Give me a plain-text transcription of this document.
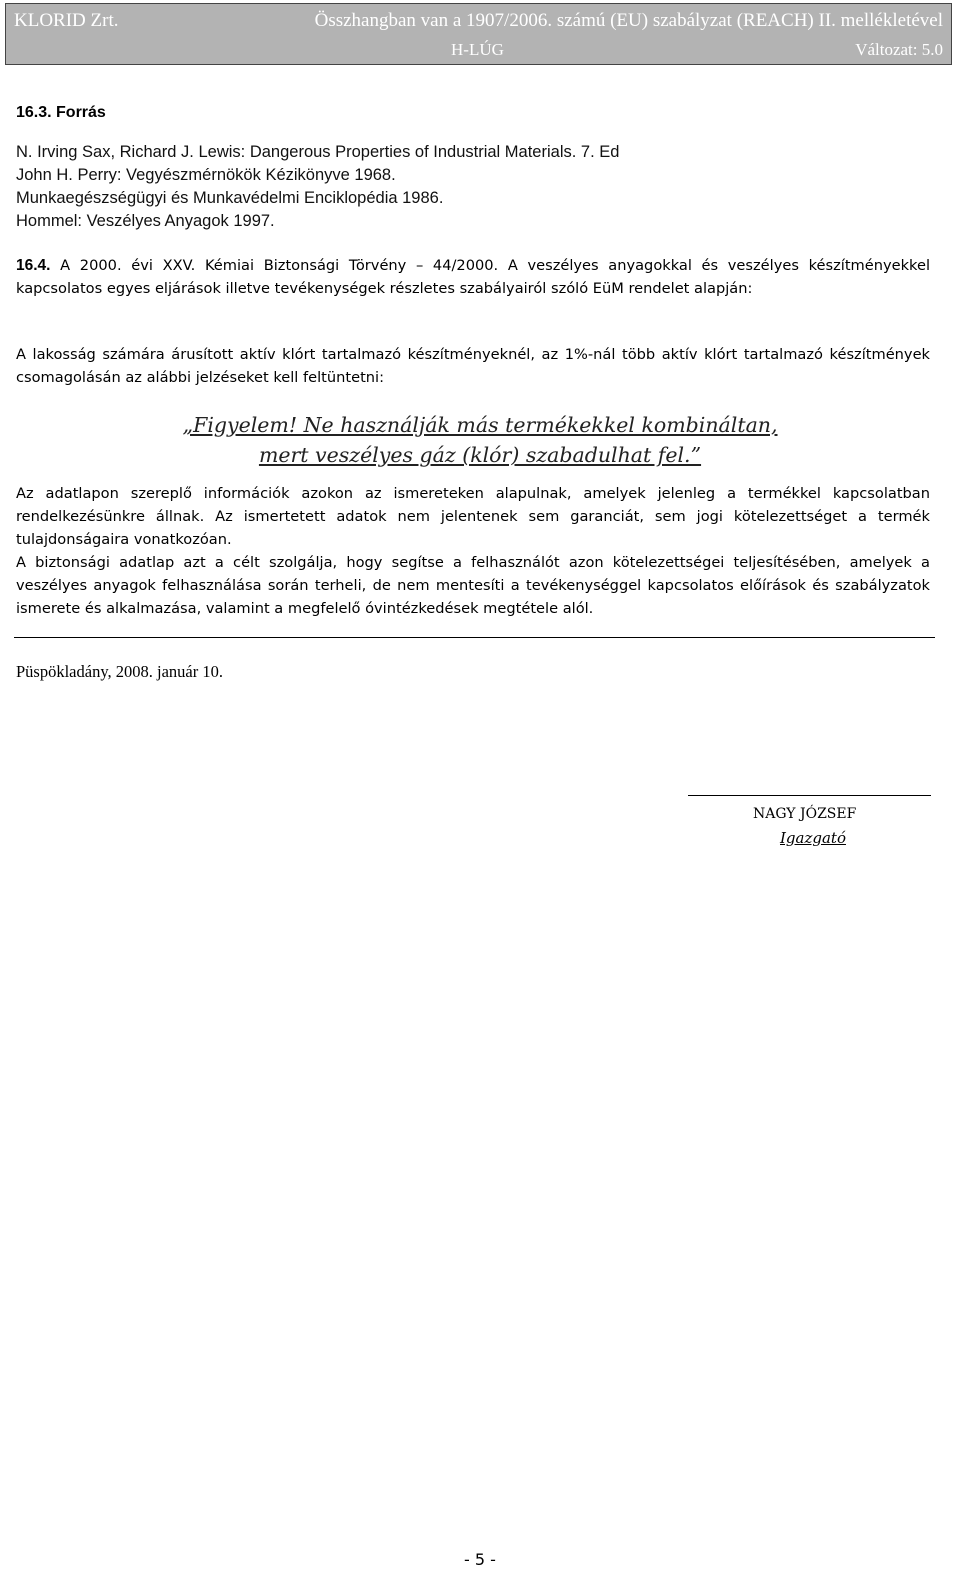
KLORID Zrt.	Összhangban van a 1907/2006. számú (EU) szabályzat (REACH) II. mellékletével
H-LÚG	Változat: 5.0
16.3. Forrás
N. Irving Sax, Richard J. Lewis: Dangerous Properties of Industrial Materials. 7. Ed
John H. Perry: Vegyészmérnökök Kézikönyve 1968.
Munkaegészségügyi és Munkavédelmi Enciklopédia 1986.
Hommel: Veszélyes Anyagok 1997.
16.4. A 2000. évi XXV. Kémiai Biztonsági Törvény – 44/2000. A veszélyes anyagokkal és veszélyes készítményekkel kapcsolatos egyes eljárások illetve tevékenységek részletes szabályairól szóló EüM rendelet alapján:
A lakosság számára árusított aktív klórt tartalmazó készítményeknél, az 1%-nál több aktív klórt tartalmazó készítmények csomagolásán az alábbi jelzéseket kell feltüntetni:
„Figyelem! Ne használják más termékekkel kombináltan,
mert veszélyes gáz (klór) szabadulhat fel.”
Az adatlapon szereplő információk azokon az ismereteken alapulnak, amelyek jelenleg a termékkel kapcsolatban rendelkezésünkre állnak. Az ismertetett adatok nem jelentenek sem garanciát, sem jogi kötelezettséget a termék tulajdonságaira vonatkozóan.
A biztonsági adatlap azt a célt szolgálja, hogy segítse a felhasználót azon kötelezettségei teljesítésében, amelyek a veszélyes anyagok felhasználása során terheli, de nem mentesíti a tevékenységgel kapcsolatos előírások és szabályzatok ismerete és alkalmazása, valamint a megfelelő óvintézkedések megtétele alól.
Püspökladány, 2008. január 10.
NAGY JÓZSEF
Igazgató
- 5 -
